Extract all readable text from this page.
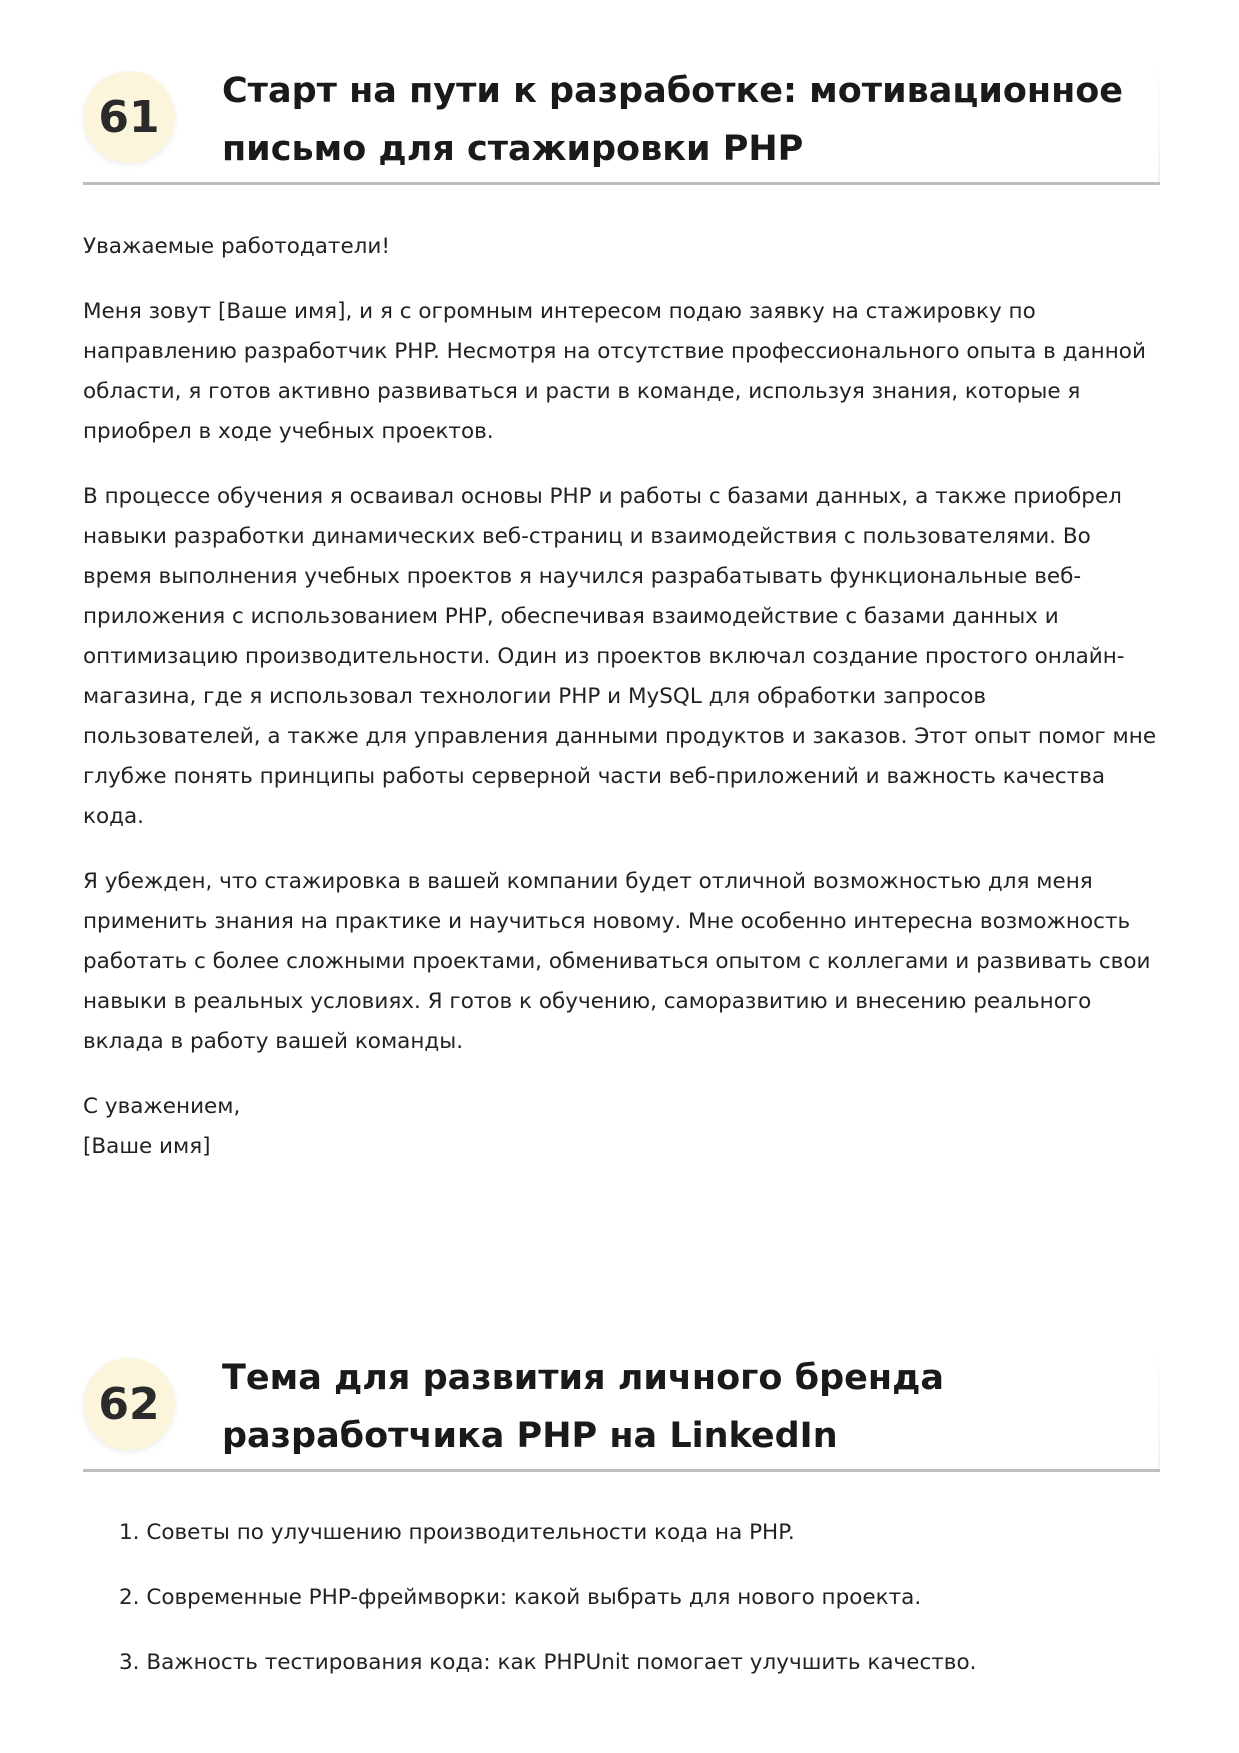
61
Старт на пути к разработке: мотивационное письмо для стажировки PHP

Уважаемые работодатели!

Меня зовут [Ваше имя], и я с огромным интересом подаю заявку на стажировку по направлению разработчик PHP. Несмотря на отсутствие профессионального опыта в данной области, я готов активно развиваться и расти в команде, используя знания, которые я приобрел в ходе учебных проектов.

В процессе обучения я осваивал основы PHP и работы с базами данных, а также приобрел навыки разработки динамических веб-страниц и взаимодействия с пользователями. Во время выполнения учебных проектов я научился разрабатывать функциональные веб-приложения с использованием PHP, обеспечивая взаимодействие с базами данных и оптимизацию производительности. Один из проектов включал создание простого онлайн-магазина, где я использовал технологии PHP и MySQL для обработки запросов пользователей, а также для управления данными продуктов и заказов. Этот опыт помог мне глубже понять принципы работы серверной части веб-приложений и важность качества кода.

Я убежден, что стажировка в вашей компании будет отличной возможностью для меня применить знания на практике и научиться новому. Мне особенно интересна возможность работать с более сложными проектами, обмениваться опытом с коллегами и развивать свои навыки в реальных условиях. Я готов к обучению, саморазвитию и внесению реального вклада в работу вашей команды.

С уважением,

[Ваше имя]

62
Тема для развития личного бренда разработчика PHP на LinkedIn
1. Советы по улучшению производительности кода на PHP.
2. Современные PHP-фреймворки: какой выбрать для нового проекта.
3. Важность тестирования кода: как PHPUnit помогает улучшить качество.
